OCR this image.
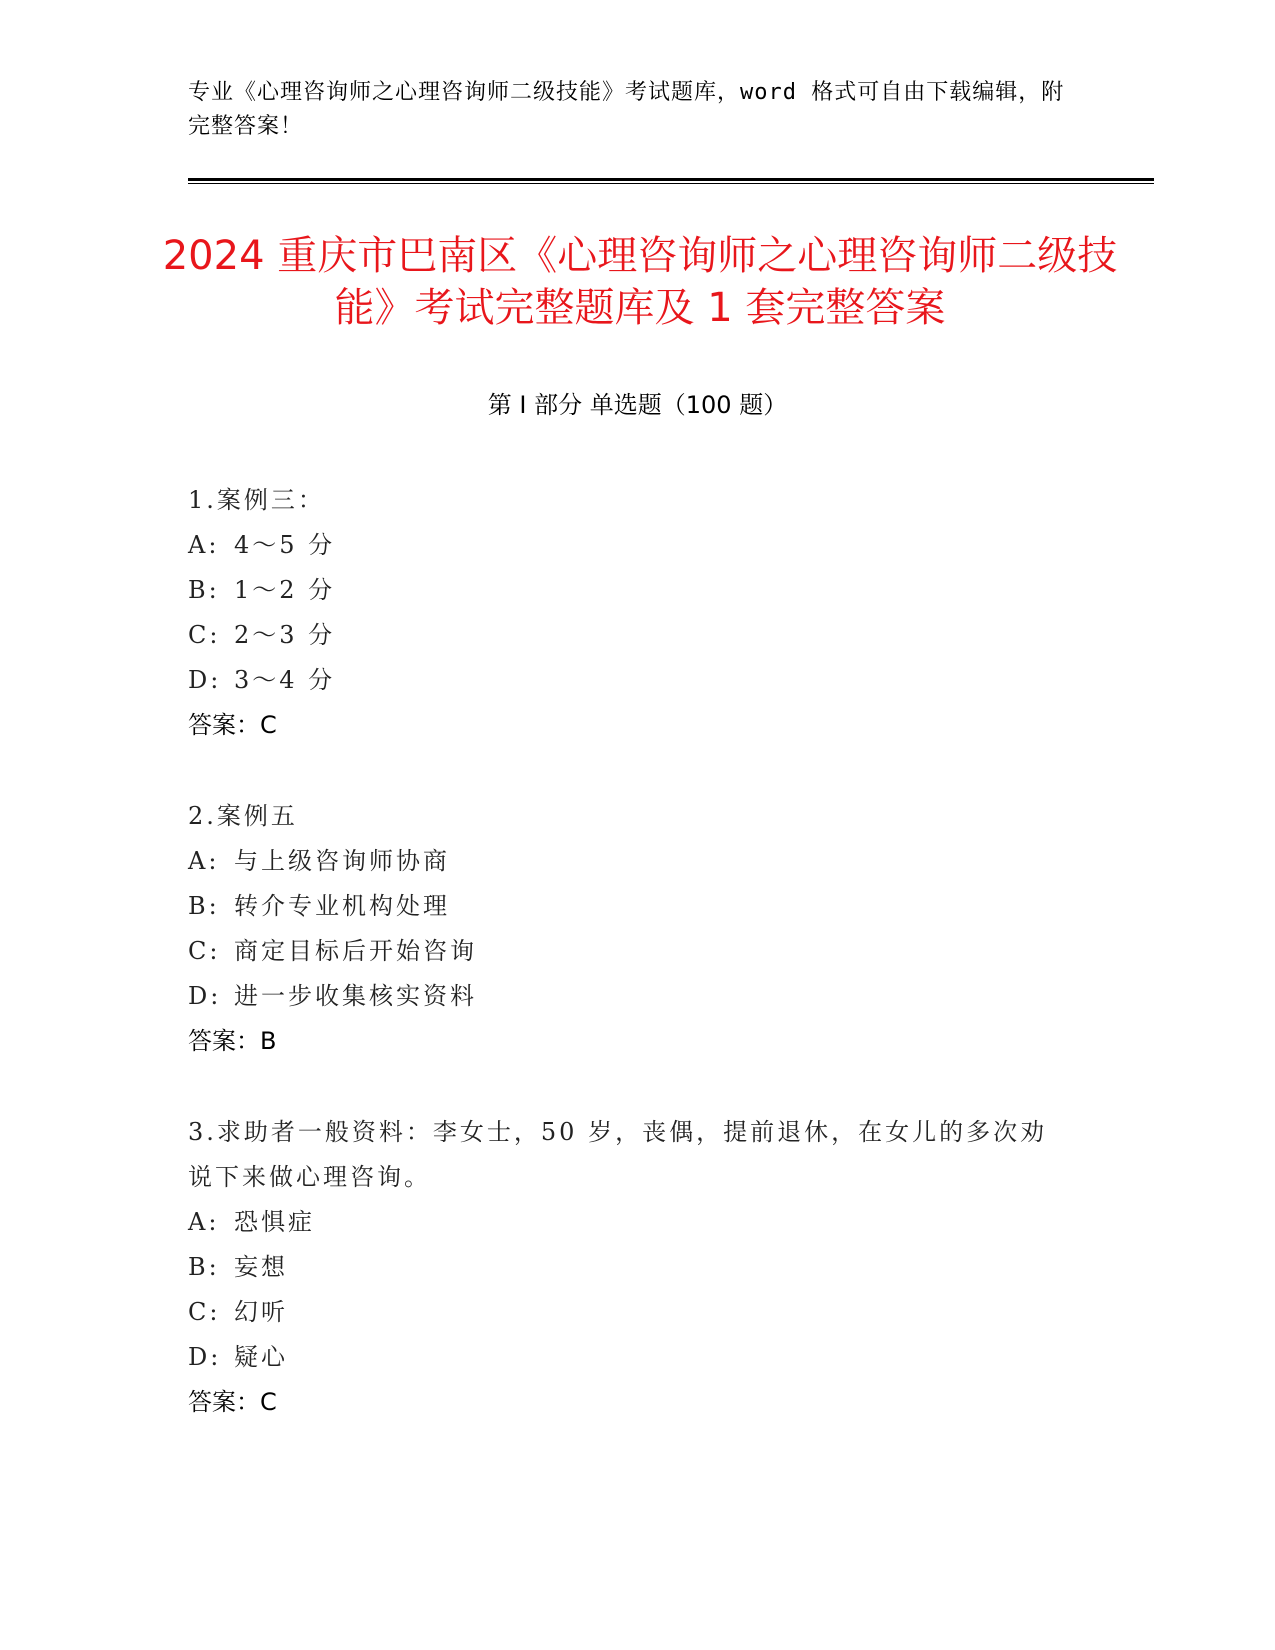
专业《心理咨询师之心理咨询师二级技能》考试题库，word 格式可自由下载编辑，附完整答案！
2024 重庆市巴南区《心理咨询师之心理咨询师二级技能》考试完整题库及 1 套完整答案
第 I 部分 单选题（100 题）
1.案例三：
A: 4～5 分
B: 1～2 分
C: 2～3 分
D: 3～4 分
答案：C
2.案例五
A: 与上级咨询师协商
B: 转介专业机构处理
C: 商定目标后开始咨询
D: 进一步收集核实资料
答案：B
3.求助者一般资料：李女士，50 岁，丧偶，提前退休，在女儿的多次劝说下来做心理咨询。
A: 恐惧症
B: 妄想
C: 幻听
D: 疑心
答案：C
